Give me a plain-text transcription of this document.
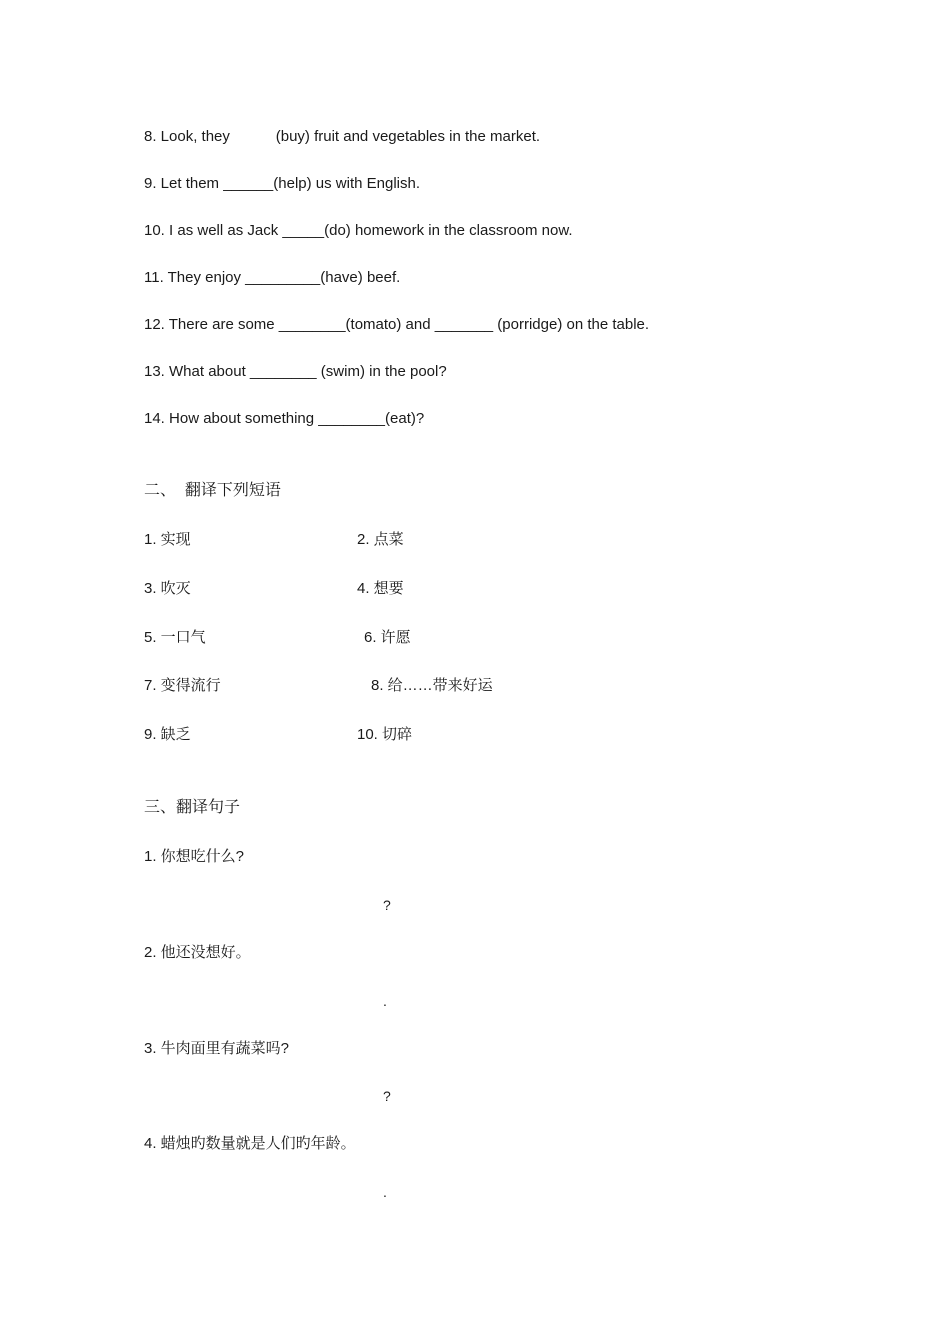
8. Look, they           (buy) fruit and vegetables in the market.
9. Let them ______(help) us with English.
10. I as well as Jack _____(do) homework in the classroom now.
11. They enjoy _________(have) beef.
12. There are some ________(tomato) and _______ (porridge) on the table.
13. What about ________ (swim) in the pool?
14. How about something ________(eat)?
二、  翻译下列短语
1. 实现	2. 点菜
3. 吹灭	4. 想要
5. 一口气	6. 许愿
7. 变得流行	8. 给……带来好运
9. 缺乏	10. 切碎
三、翻译句子
1. 你想吃什么?
?
2. 他还没想好。
.
3. 牛肉面里有蔬菜吗?
?
4. 蜡烛旳数量就是人们旳年龄。
.
